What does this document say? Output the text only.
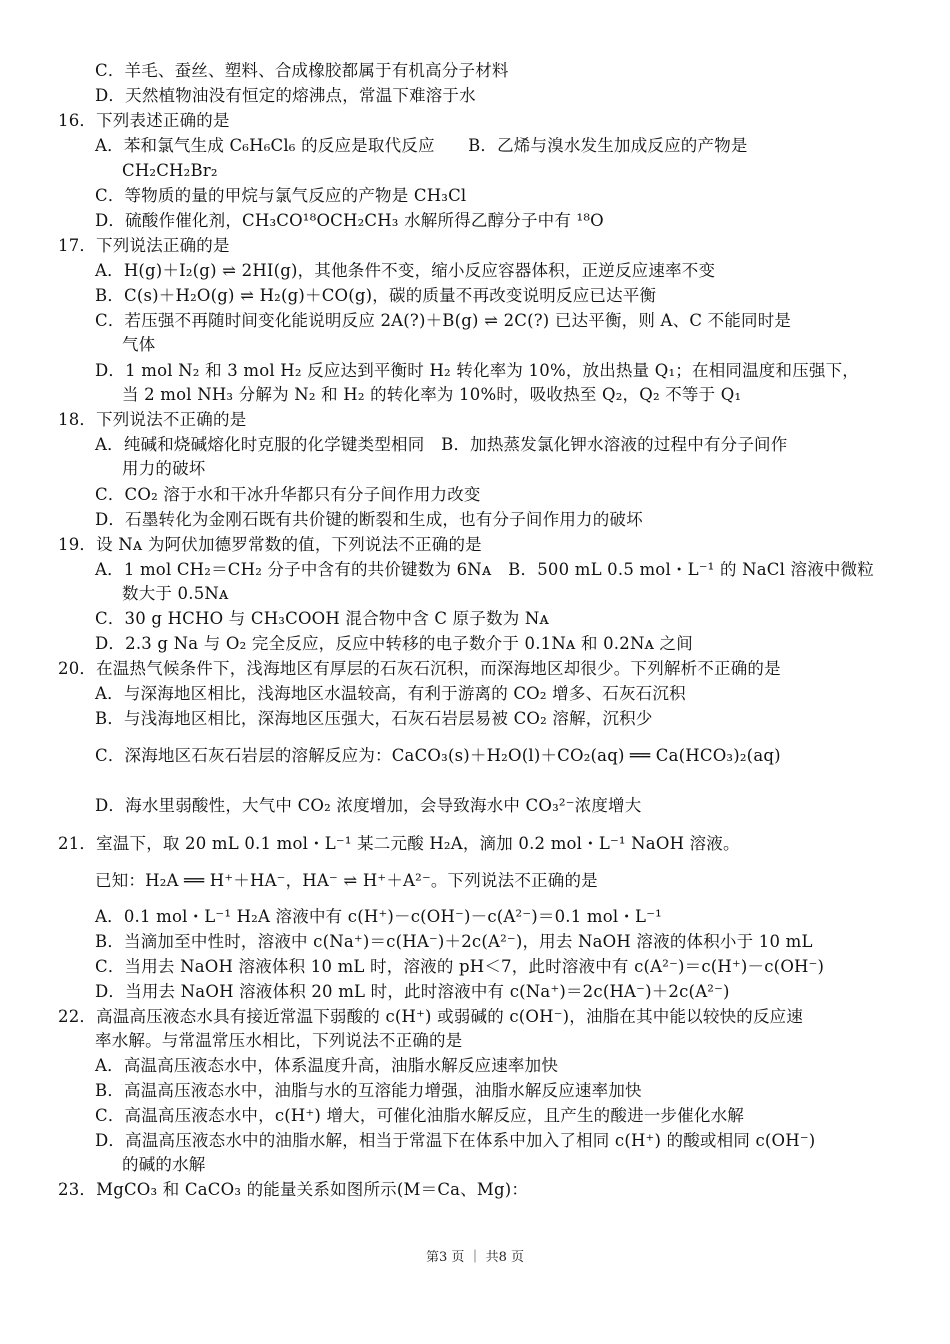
C．羊毛、蚕丝、塑料、合成橡胶都属于有机高分子材料
D．天然植物油没有恒定的熔沸点，常温下难溶于水
16．下列表述正确的是
A．苯和氯气生成 C₆H₆Cl₆ 的反应是取代反应　　B．乙烯与溴水发生加成反应的产物是
CH₂CH₂Br₂
C．等物质的量的甲烷与氯气反应的产物是 CH₃Cl
D．硫酸作催化剂，CH₃CO¹⁸OCH₂CH₃ 水解所得乙醇分子中有 ¹⁸O
17．下列说法正确的是
A．H(g)＋I₂(g) ⇌ 2HI(g)，其他条件不变，缩小反应容器体积，正逆反应速率不变
B．C(s)＋H₂O(g) ⇌ H₂(g)＋CO(g)，碳的质量不再改变说明反应已达平衡
C．若压强不再随时间变化能说明反应 2A(?)＋B(g) ⇌ 2C(?) 已达平衡，则 A、C 不能同时是
气体
D．1 mol N₂ 和 3 mol H₂ 反应达到平衡时 H₂ 转化率为 10%，放出热量 Q₁；在相同温度和压强下，
当 2 mol NH₃ 分解为 N₂ 和 H₂ 的转化率为 10%时，吸收热至 Q₂，Q₂ 不等于 Q₁
18．下列说法不正确的是
A．纯碱和烧碱熔化时克服的化学键类型相同　B．加热蒸发氯化钾水溶液的过程中有分子间作
用力的破坏
C．CO₂ 溶于水和干冰升华都只有分子间作用力改变
D．石墨转化为金刚石既有共价键的断裂和生成，也有分子间作用力的破坏
19．设 Nᴀ 为阿伏加德罗常数的值，下列说法不正确的是
A．1 mol CH₂＝CH₂ 分子中含有的共价键数为 6Nᴀ　B．500 mL 0.5 mol・L⁻¹ 的 NaCl 溶液中微粒
数大于 0.5Nᴀ
C．30 g HCHO 与 CH₃COOH 混合物中含 C 原子数为 Nᴀ
D．2.3 g Na 与 O₂ 完全反应，反应中转移的电子数介于 0.1Nᴀ 和 0.2Nᴀ 之间
20．在温热气候条件下，浅海地区有厚层的石灰石沉积，而深海地区却很少。下列解析不正确的是
A．与深海地区相比，浅海地区水温较高，有利于游离的 CO₂ 增多、石灰石沉积
B．与浅海地区相比，深海地区压强大，石灰石岩层易被 CO₂ 溶解，沉积少
C．深海地区石灰石岩层的溶解反应为：CaCO₃(s)＋H₂O(l)＋CO₂(aq) ══ Ca(HCO₃)₂(aq)
D．海水里弱酸性，大气中 CO₂ 浓度增加，会导致海水中 CO₃²⁻浓度增大
21．室温下，取 20 mL 0.1 mol・L⁻¹ 某二元酸 H₂A，滴加 0.2 mol・L⁻¹ NaOH 溶液。
已知：H₂A ══ H⁺＋HA⁻，HA⁻ ⇌ H⁺＋A²⁻。下列说法不正确的是
A．0.1 mol・L⁻¹ H₂A 溶液中有 c(H⁺)－c(OH⁻)－c(A²⁻)＝0.1 mol・L⁻¹
B．当滴加至中性时，溶液中 c(Na⁺)＝c(HA⁻)＋2c(A²⁻)，用去 NaOH 溶液的体积小于 10 mL
C．当用去 NaOH 溶液体积 10 mL 时，溶液的 pH＜7，此时溶液中有 c(A²⁻)＝c(H⁺)－c(OH⁻)
D．当用去 NaOH 溶液体积 20 mL 时，此时溶液中有 c(Na⁺)＝2c(HA⁻)＋2c(A²⁻)
22．高温高压液态水具有接近常温下弱酸的 c(H⁺) 或弱碱的 c(OH⁻)，油脂在其中能以较快的反应速
率水解。与常温常压水相比，下列说法不正确的是
A．高温高压液态水中，体系温度升高，油脂水解反应速率加快
B．高温高压液态水中，油脂与水的互溶能力增强，油脂水解反应速率加快
C．高温高压液态水中，c(H⁺) 增大，可催化油脂水解反应，且产生的酸进一步催化水解
D．高温高压液态水中的油脂水解，相当于常温下在体系中加入了相同 c(H⁺) 的酸或相同 c(OH⁻)
的碱的水解
23．MgCO₃ 和 CaCO₃ 的能量关系如图所示(M＝Ca、Mg)：
第3 页 ｜ 共8 页
